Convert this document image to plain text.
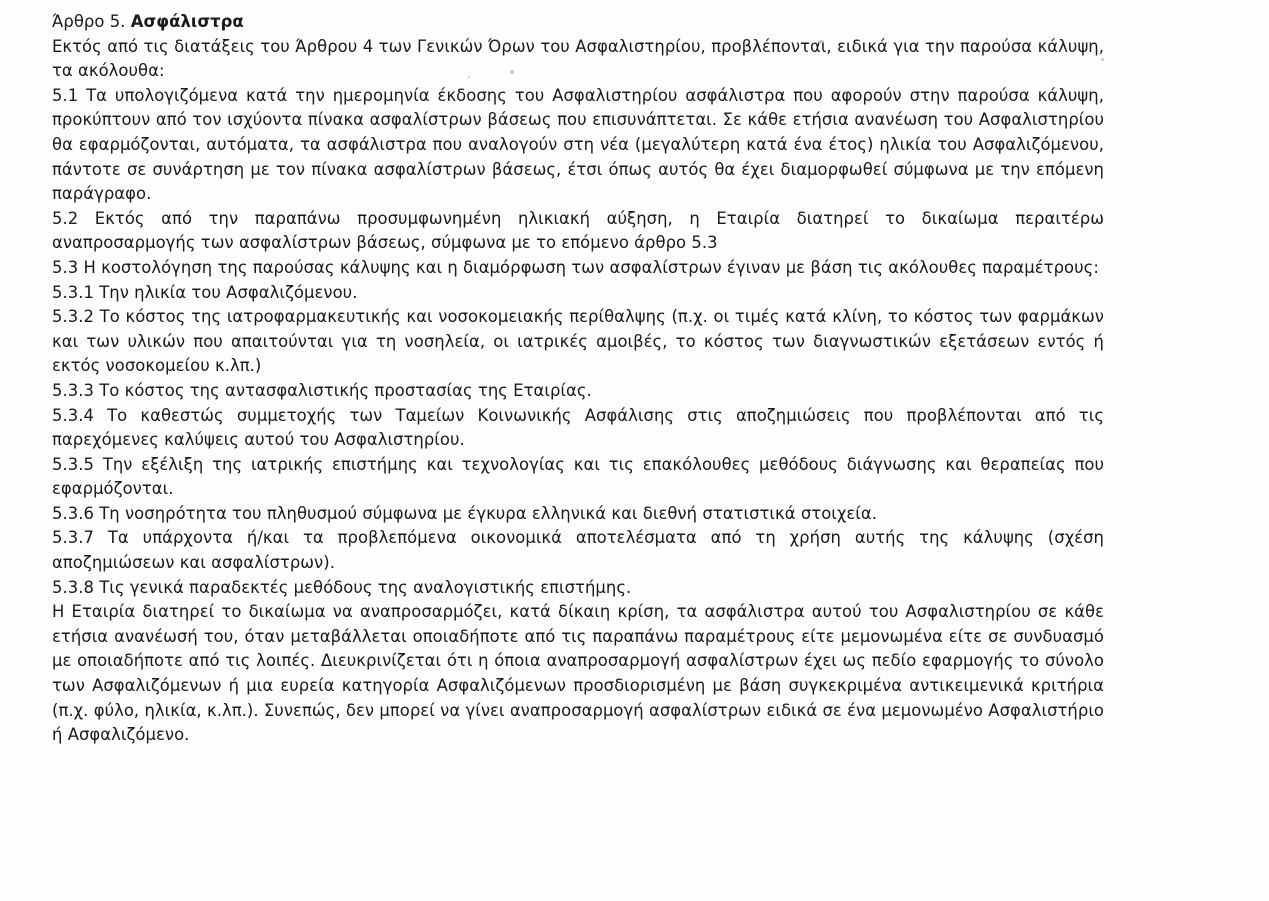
Άρθρο 5. Ασφάλιστρα

Εκτός από τις διατάξεις του Άρθρου 4 των Γενικών Όρων του Ασφαλιστηρίου, προβλέπονται, ειδικά για την παρούσα κάλυψη, τα ακόλουθα:

5.1 Τα υπολογιζόμενα κατά την ημερομηνία έκδοσης του Ασφαλιστηρίου ασφάλιστρα που αφορούν στην παρούσα κάλυψη, προκύπτουν από τον ισχύοντα πίνακα ασφαλίστρων βάσεως που επισυνάπτεται. Σε κάθε ετήσια ανανέωση του Ασφαλιστηρίου θα εφαρμόζονται, αυτόματα, τα ασφάλιστρα που αναλογούν στη νέα (μεγαλύτερη κατά ένα έτος) ηλικία του Ασφαλιζόμενου, πάντοτε σε συνάρτηση με τον πίνακα ασφαλίστρων βάσεως, έτσι όπως αυτός θα έχει διαμορφωθεί σύμφωνα με την επόμενη παράγραφο.

5.2 Εκτός από την παραπάνω προσυμφωνημένη ηλικιακή αύξηση, η Εταιρία διατηρεί το δικαίωμα περαιτέρω αναπροσαρμογής των ασφαλίστρων βάσεως, σύμφωνα με το επόμενο άρθρο 5.3

5.3 Η κοστολόγηση της παρούσας κάλυψης και η διαμόρφωση των ασφαλίστρων έγιναν με βάση τις ακόλουθες παραμέτρους:

5.3.1 Την ηλικία του Ασφαλιζόμενου.

5.3.2 Το κόστος της ιατροφαρμακευτικής και νοσοκομειακής περίθαλψης (π.χ. οι τιμές κατά κλίνη, το κόστος των φαρμάκων και των υλικών που απαιτούνται για τη νοσηλεία, οι ιατρικές αμοιβές, το κόστος των διαγνωστικών εξετάσεων εντός ή εκτός νοσοκομείου κ.λπ.)

5.3.3 Το κόστος της αντασφαλιστικής προστασίας της Εταιρίας.

5.3.4 Το καθεστώς συμμετοχής των Ταμείων Κοινωνικής Ασφάλισης στις αποζημιώσεις που προβλέπονται από τις παρεχόμενες καλύψεις αυτού του Ασφαλιστηρίου.

5.3.5 Την εξέλιξη της ιατρικής επιστήμης και τεχνολογίας και τις επακόλουθες μεθόδους διάγνωσης και θεραπείας που εφαρμόζονται.

5.3.6 Τη νοσηρότητα του πληθυσμού σύμφωνα με έγκυρα ελληνικά και διεθνή στατιστικά στοιχεία.

5.3.7 Τα υπάρχοντα ή/και τα προβλεπόμενα οικονομικά αποτελέσματα από τη χρήση αυτής της κάλυψης (σχέση αποζημιώσεων και ασφαλίστρων).

5.3.8 Τις γενικά παραδεκτές μεθόδους της αναλογιστικής επιστήμης.

Η Εταιρία διατηρεί το δικαίωμα να αναπροσαρμόζει, κατά δίκαιη κρίση, τα ασφάλιστρα αυτού του Ασφαλιστηρίου σε κάθε ετήσια ανανέωσή του, όταν μεταβάλλεται οποιαδήποτε από τις παραπάνω παραμέτρους είτε μεμονωμένα είτε σε συνδυασμό με οποιαδήποτε από τις λοιπές. Διευκρινίζεται ότι η όποια αναπροσαρμογή ασφαλίστρων έχει ως πεδίο εφαρμογής το σύνολο των Ασφαλιζόμενων ή μια ευρεία κατηγορία Ασφαλιζόμενων προσδιορισμένη με βάση συγκεκριμένα αντικειμενικά κριτήρια (π.χ. φύλο, ηλικία, κ.λπ.). Συνεπώς, δεν μπορεί να γίνει αναπροσαρμογή ασφαλίστρων ειδικά σε ένα μεμονωμένο Ασφαλιστήριο ή Ασφαλιζόμενο.
